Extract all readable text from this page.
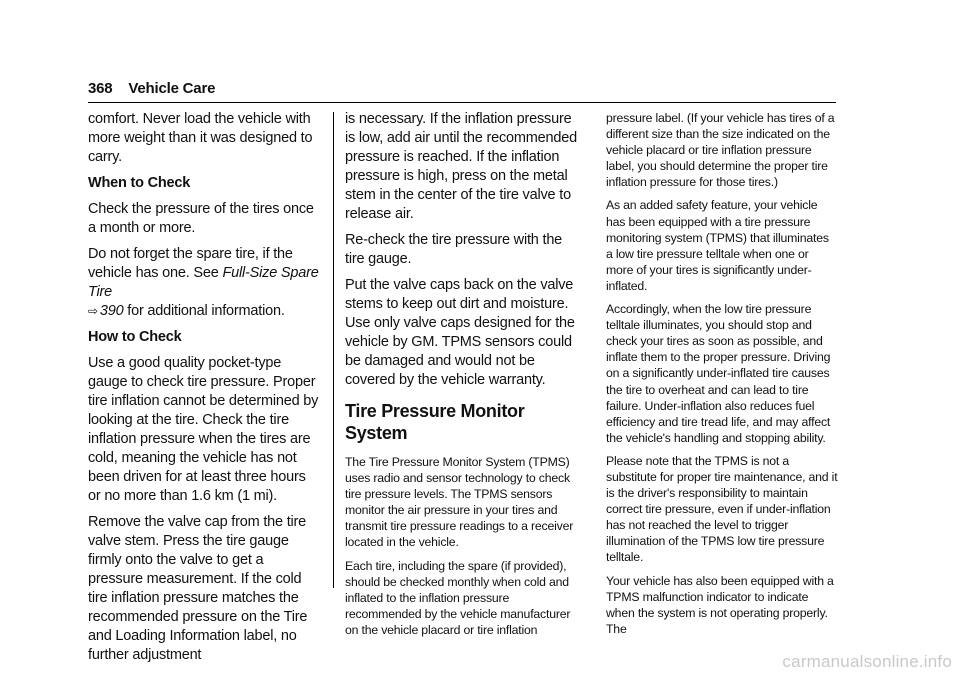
368 Vehicle Care

comfort. Never load the vehicle with more weight than it was designed to carry.

When to Check

Check the pressure of the tires once a month or more.

Do not forget the spare tire, if the vehicle has one. See Full-Size Spare Tire
⇨ 390 for additional information.

How to Check

Use a good quality pocket-type gauge to check tire pressure. Proper tire inflation cannot be determined by looking at the tire. Check the tire inflation pressure when the tires are cold, meaning the vehicle has not been driven for at least three hours or no more than 1.6 km (1 mi).

Remove the valve cap from the tire valve stem. Press the tire gauge firmly onto the valve to get a pressure measurement. If the cold tire inflation pressure matches the recommended pressure on the Tire and Loading Information label, no further adjustment

is necessary. If the inflation pressure is low, add air until the recommended pressure is reached. If the inflation pressure is high, press on the metal stem in the center of the tire valve to release air.

Re-check the tire pressure with the tire gauge.

Put the valve caps back on the valve stems to keep out dirt and moisture. Use only valve caps designed for the vehicle by GM. TPMS sensors could be damaged and would not be covered by the vehicle warranty.

Tire Pressure Monitor System

The Tire Pressure Monitor System (TPMS) uses radio and sensor technology to check tire pressure levels. The TPMS sensors monitor the air pressure in your tires and transmit tire pressure readings to a receiver located in the vehicle.

Each tire, including the spare (if provided), should be checked monthly when cold and inflated to the inflation pressure recommended by the vehicle manufacturer on the vehicle placard or tire inflation

pressure label. (If your vehicle has tires of a different size than the size indicated on the vehicle placard or tire inflation pressure label, you should determine the proper tire inflation pressure for those tires.)

As an added safety feature, your vehicle has been equipped with a tire pressure monitoring system (TPMS) that illuminates a low tire pressure telltale when one or more of your tires is significantly under-inflated.

Accordingly, when the low tire pressure telltale illuminates, you should stop and check your tires as soon as possible, and inflate them to the proper pressure. Driving on a significantly under-inflated tire causes the tire to overheat and can lead to tire failure. Under-inflation also reduces fuel efficiency and tire tread life, and may affect the vehicle's handling and stopping ability.

Please note that the TPMS is not a substitute for proper tire maintenance, and it is the driver's responsibility to maintain correct tire pressure, even if under-inflation has not reached the level to trigger illumination of the TPMS low tire pressure telltale.

Your vehicle has also been equipped with a TPMS malfunction indicator to indicate when the system is not operating properly. The

carmanualsonline.info
